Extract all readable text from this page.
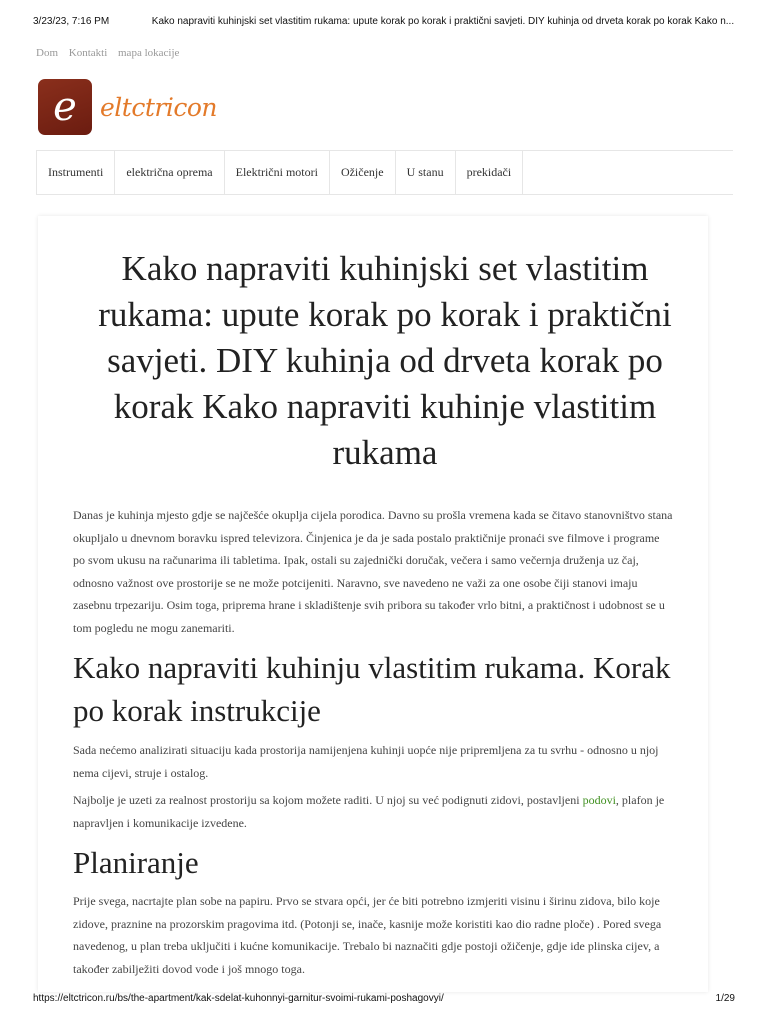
3/23/23, 7:16 PM	Kako napraviti kuhinjski set vlastitim rukama: upute korak po korak i praktični savjeti. DIY kuhinja od drveta korak po korak Kako n...
Dom Kontakti mapa lokacije
e eltctricon
Instrumenti	električna oprema	Električni motori	Ožičenje	U stanu	prekidači
Kako napraviti kuhinjski set vlastitim rukama: upute korak po korak i praktični savjeti. DIY kuhinja od drveta korak po korak Kako napraviti kuhinje vlastitim rukama

Danas je kuhinja mjesto gdje se najčešće okuplja cijela porodica. Davno su prošla vremena kada se čitavo stanovništvo stana okupljalo u dnevnom boravku ispred televizora. Činjenica je da je sada postalo praktičnije pronaći sve filmove i programe po svom ukusu na računarima ili tabletima. Ipak, ostali su zajednički doručak, večera i samo večernja druženja uz čaj, odnosno važnost ove prostorije se ne može potcijeniti. Naravno, sve navedeno ne važi za one osobe čiji stanovi imaju zasebnu trpezariju. Osim toga, priprema hrane i skladištenje svih pribora su također vrlo bitni, a praktičnost i udobnost se u tom pogledu ne mogu zanemariti.

Kako napraviti kuhinju vlastitim rukama. Korak po korak instrukcije

Sada nećemo analizirati situaciju kada prostorija namijenjena kuhinji uopće nije pripremljena za tu svrhu - odnosno u njoj nema cijevi, struje i ostalog.

Najbolje je uzeti za realnost prostoriju sa kojom možete raditi. U njoj su već podignuti zidovi, postavljeni podovi, plafon je napravljen i komunikacije izvedene.

Planiranje

Prije svega, nacrtajte plan sobe na papiru. Prvo se stvara opći, jer će biti potrebno izmjeriti visinu i širinu zidova, bilo koje zidove, praznine na prozorskim pragovima itd. (Potonji se, inače, kasnije može koristiti kao dio radne ploče) . Pored svega navedenog, u plan treba uključiti i kućne komunikacije. Trebalo bi naznačiti gdje postoji ožičenje, gdje ide plinska cijev, a također zabilježiti dovod vode i još mnogo toga.

https://eltctricon.ru/bs/the-apartment/kak-sdelat-kuhonnyi-garnitur-svoimi-rukami-poshagovyi/	1/29
